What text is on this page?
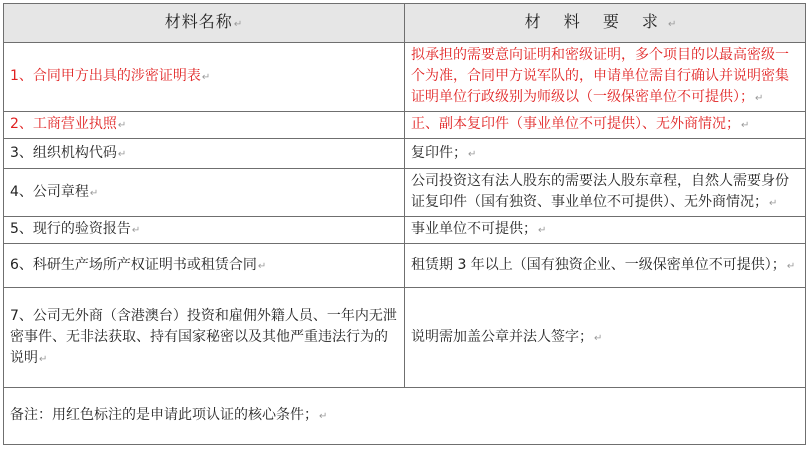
材料名称↵	材 料 要 求↵
1、合同甲方出具的涉密证明表↵	拟承担的需要意向证明和密级证明，多个项目的以最高密级一个为准，合同甲方说军队的，申请单位需自行确认并说明密集证明单位行政级别为师级以（一级保密单位不可提供）；↵
2、工商营业执照↵	正、副本复印件（事业单位不可提供）、无外商情况；↵
3、组织机构代码↵	复印件；↵
4、公司章程↵	公司投资这有法人股东的需要法人股东章程，自然人需要身份证复印件（国有独资、事业单位不可提供）、无外商情况；↵
5、现行的验资报告↵	事业单位不可提供；↵
6、科研生产场所产权证明书或租赁合同↵	租赁期 3 年以上（国有独资企业、一级保密单位不可提供）；↵
7、公司无外商（含港澳台）投资和雇佣外籍人员、一年内无泄密事件、无非法获取、持有国家秘密以及其他严重违法行为的说明↵	说明需加盖公章并法人签字；↵
备注：用红色标注的是申请此项认证的核心条件；↵	
